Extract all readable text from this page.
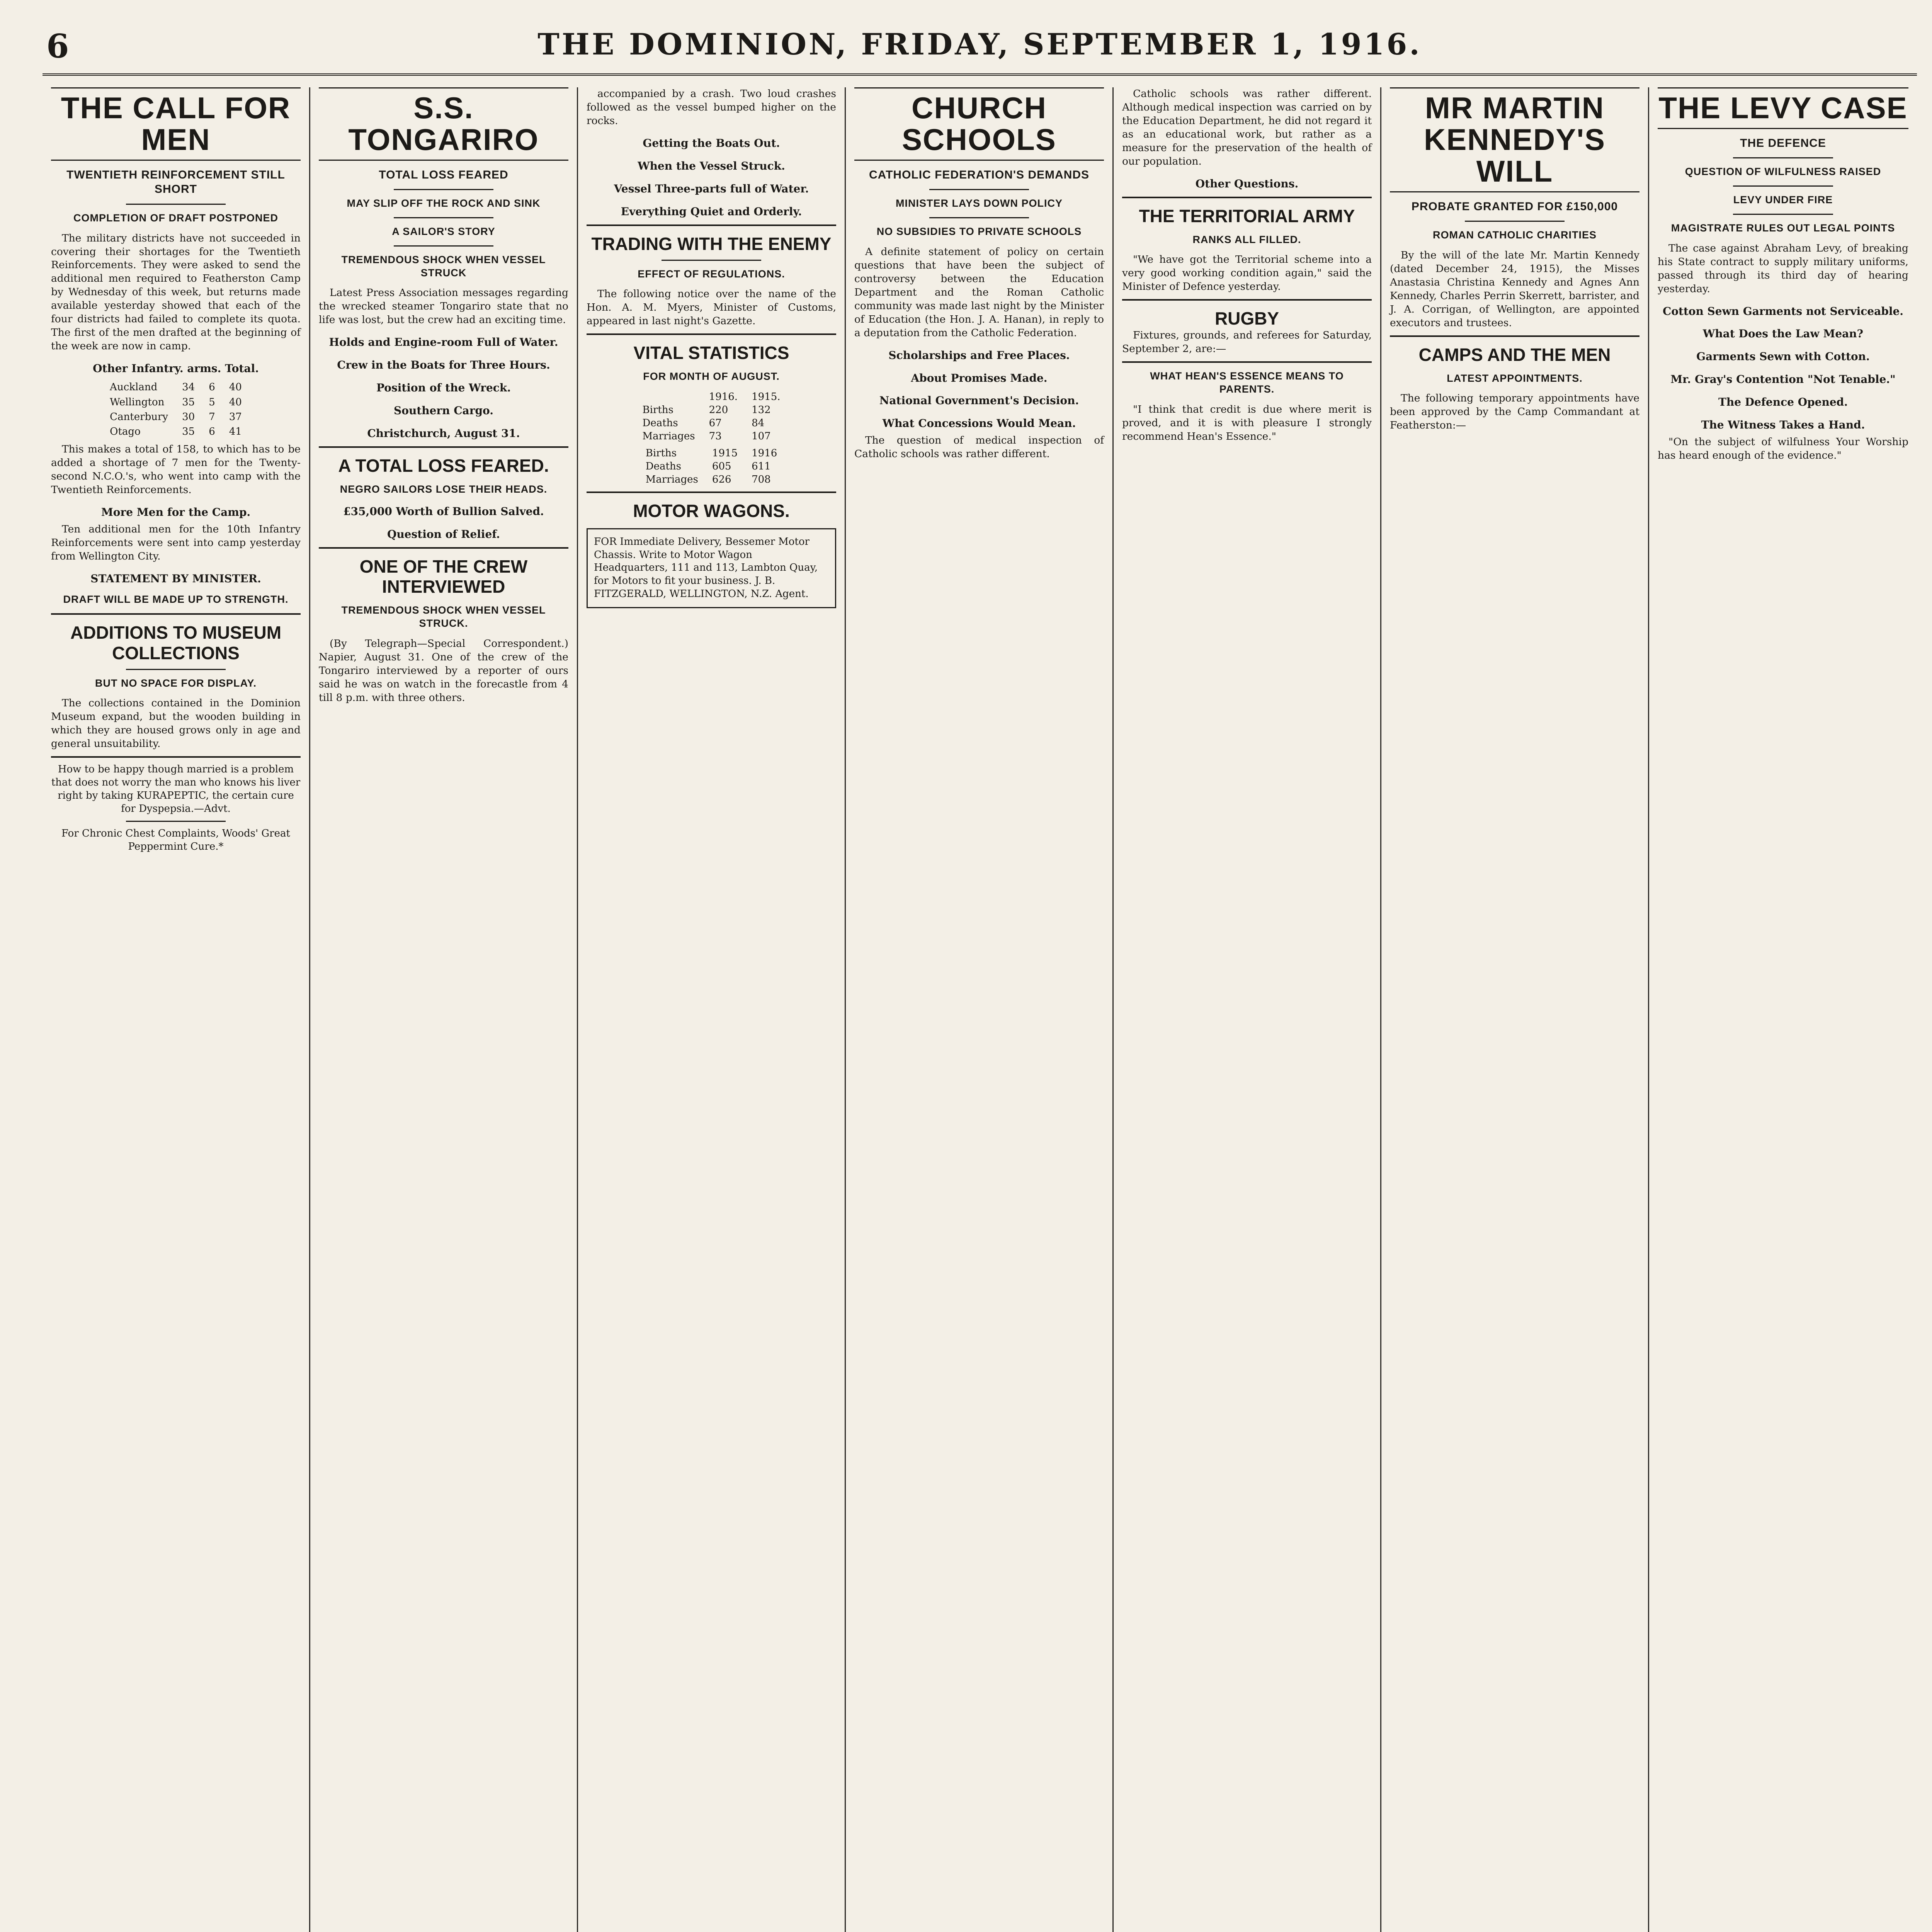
6	THE DOMINION, FRIDAY, SEPTEMBER 1, 1916.
THE CALL FOR MEN
TWENTIETH REINFORCEMENT STILL SHORT
COMPLETION OF DRAFT POSTPONED

The military districts have not succeeded in covering their shortages for the Twentieth Reinforcements. They were asked to send the additional men required to Featherston Camp by Wednesday of this week, but returns made available yesterday showed that each of the four districts had failed to complete its quota. The first of the men drafted at the beginning of the week are now in camp.

Other Infantry. arms. Total.
Auckland	34	6	40
Wellington	35	5	40
Canterbury	30	7	37
Otago	35	6	41

This makes a total of 158, to which has to be added a shortage of 7 men for the Twenty-second N.C.O.'s, who went into camp with the Twentieth Reinforcements.

More Men for the Camp.

Ten additional men for the 10th Infantry Reinforcements were sent into camp yesterday from Wellington City.

STATEMENT BY MINISTER.
DRAFT WILL BE MADE UP TO STRENGTH.
ADDITIONS TO MUSEUM COLLECTIONS
BUT NO SPACE FOR DISPLAY.

The collections contained in the Dominion Museum expand, but the wooden building in which they are housed grows only in age and general unsuitability.

How to be happy though married is a problem that does not worry the man who knows his liver right by taking KURAPEPTIC, the certain cure for Dyspepsia.—Advt.
For Chronic Chest Complaints, Woods' Great Peppermint Cure.*
S.S. TONGARIRO
TOTAL LOSS FEARED
MAY SLIP OFF THE ROCK AND SINK
A SAILOR'S STORY
TREMENDOUS SHOCK WHEN VESSEL STRUCK

Latest Press Association messages regarding the wrecked steamer Tongariro state that no life was lost, but the crew had an exciting time.

Holds and Engine-room Full of Water.
Crew in the Boats for Three Hours.
Position of the Wreck.
Southern Cargo.
Christchurch, August 31.
A TOTAL LOSS FEARED.
NEGRO SAILORS LOSE THEIR HEADS.
£35,000 Worth of Bullion Salved.
Question of Relief.
ONE OF THE CREW INTERVIEWED
TREMENDOUS SHOCK WHEN VESSEL STRUCK.

(By Telegraph—Special Correspondent.) Napier, August 31. One of the crew of the Tongariro interviewed by a reporter of ours said he was on watch in the forecastle from 4 till 8 p.m. with three others.

accompanied by a crash. Two loud crashes followed as the vessel bumped higher on the rocks.

Getting the Boats Out.
When the Vessel Struck.
Vessel Three-parts full of Water.
Everything Quiet and Orderly.
TRADING WITH THE ENEMY
EFFECT OF REGULATIONS.

The following notice over the name of the Hon. A. M. Myers, Minister of Customs, appeared in last night's Gazette.

VITAL STATISTICS
FOR MONTH OF AUGUST.
	1916.	1915.
Births	220	132
Deaths	67	84
Marriages	73	107
Births	1915	1916
Deaths	605	611
Marriages	626	708
MOTOR WAGONS.
FOR Immediate Delivery, Bessemer Motor Chassis. Write to Motor Wagon Headquarters, 111 and 113, Lambton Quay, for Motors to fit your business. J. B. FITZGERALD, WELLINGTON, N.Z. Agent.
CHURCH SCHOOLS
CATHOLIC FEDERATION'S DEMANDS
MINISTER LAYS DOWN POLICY
NO SUBSIDIES TO PRIVATE SCHOOLS

A definite statement of policy on certain questions that have been the subject of controversy between the Education Department and the Roman Catholic community was made last night by the Minister of Education (the Hon. J. A. Hanan), in reply to a deputation from the Catholic Federation.

Scholarships and Free Places.
About Promises Made.
National Government's Decision.
What Concessions Would Mean.

The question of medical inspection of Catholic schools was rather different.

Catholic schools was rather different. Although medical inspection was carried on by the Education Department, he did not regard it as an educational work, but rather as a measure for the preservation of the health of our population.

Other Questions.
THE TERRITORIAL ARMY
RANKS ALL FILLED.

"We have got the Territorial scheme into a very good working condition again," said the Minister of Defence yesterday.

RUGBY

Fixtures, grounds, and referees for Saturday, September 2, are:—

WHAT HEAN'S ESSENCE MEANS TO PARENTS.

"I think that credit is due where merit is proved, and it is with pleasure I strongly recommend Hean's Essence."

MR MARTIN KENNEDY'S WILL
PROBATE GRANTED FOR £150,000
ROMAN CATHOLIC CHARITIES

By the will of the late Mr. Martin Kennedy (dated December 24, 1915), the Misses Anastasia Christina Kennedy and Agnes Ann Kennedy, Charles Perrin Skerrett, barrister, and J. A. Corrigan, of Wellington, are appointed executors and trustees.

CAMPS AND THE MEN
LATEST APPOINTMENTS.

The following temporary appointments have been approved by the Camp Commandant at Featherston:—

THE LEVY CASE
THE DEFENCE
QUESTION OF WILFULNESS RAISED
LEVY UNDER FIRE
MAGISTRATE RULES OUT LEGAL POINTS

The case against Abraham Levy, of breaking his State contract to supply military uniforms, passed through its third day of hearing yesterday.

Cotton Sewn Garments not Serviceable.
What Does the Law Mean?
Garments Sewn with Cotton.
Mr. Gray's Contention "Not Tenable."
The Defence Opened.
The Witness Takes a Hand.

"On the subject of wilfulness Your Worship has heard enough of the evidence."
